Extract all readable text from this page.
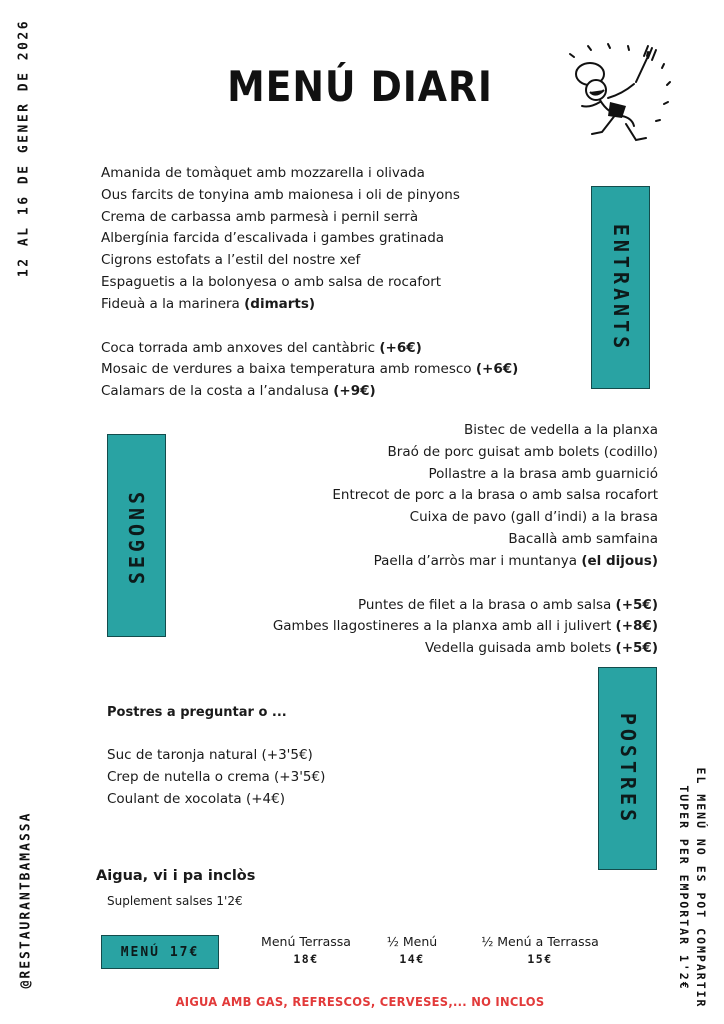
12 AL 16 DE GENER DE 2026
@RESTAURANTBAMASSA	EL MENÚ NO ES POT COMPARTIR
TUPER PER EMPORTAR 1'2€
MENÚ DIARI
ENTRANTS
SEGONS
POSTRES
Amanida de tomàquet amb mozzarella i olivada
Ous farcits de tonyina amb maionesa i oli de pinyons
Crema de carbassa amb parmesà i pernil serrà
Albergínia farcida d’escalivada i gambes gratinada
Cigrons estofats a l’estil del nostre xef
Espaguetis a la bolonyesa o amb salsa de rocafort
Fideuà a la marinera (dimarts)
Coca torrada amb anxoves del cantàbric (+6€)
Mosaic de verdures a baixa temperatura amb romesco (+6€)
Calamars de la costa a l’andalusa (+9€)
Bistec de vedella a la planxa
Braó de porc guisat amb bolets (codillo)
Pollastre a la brasa amb guarnició
Entrecot de porc a la brasa o amb salsa rocafort
Cuixa de pavo (gall d’indi) a la brasa
Bacallà amb samfaina
Paella d’arròs mar i muntanya (el dijous)
Puntes de filet a la brasa o amb salsa (+5€)
Gambes llagostineres a la planxa amb all i julivert (+8€)
Vedella guisada amb bolets (+5€)
Postres a preguntar o ...
Suc de taronja natural (+3'5€)
Crep de nutella o crema (+3'5€)
Coulant de xocolata (+4€)
Aigua, vi i pa inclòs
Suplement salses 1'2€
MENÚ 17€
Menú Terrassa
18€
½ Menú
14€
½ Menú a Terrassa
15€
AIGUA AMB GAS, REFRESCOS, CERVESES,... NO INCLOS
